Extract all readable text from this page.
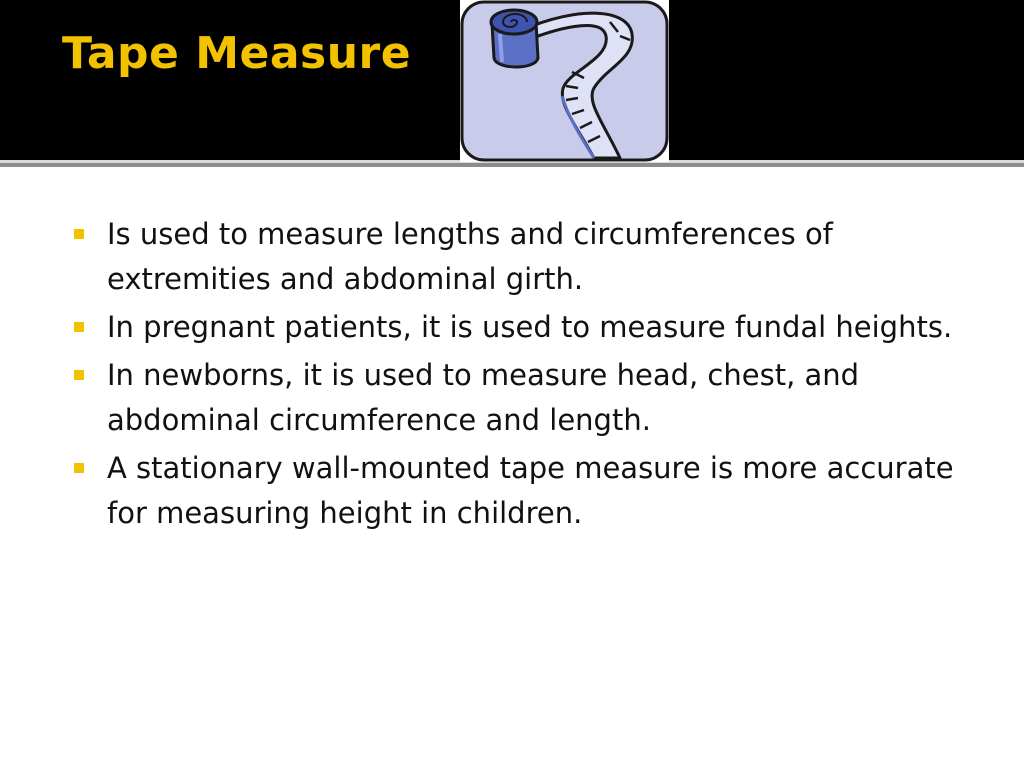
Tape Measure
Is used to measure lengths and circumferences of extremities and abdominal girth.
In pregnant patients, it is used to measure fundal heights.
In newborns, it is used to measure head, chest, and abdominal circumference and length.
A stationary wall-mounted tape measure is more accurate for measuring height in children.
